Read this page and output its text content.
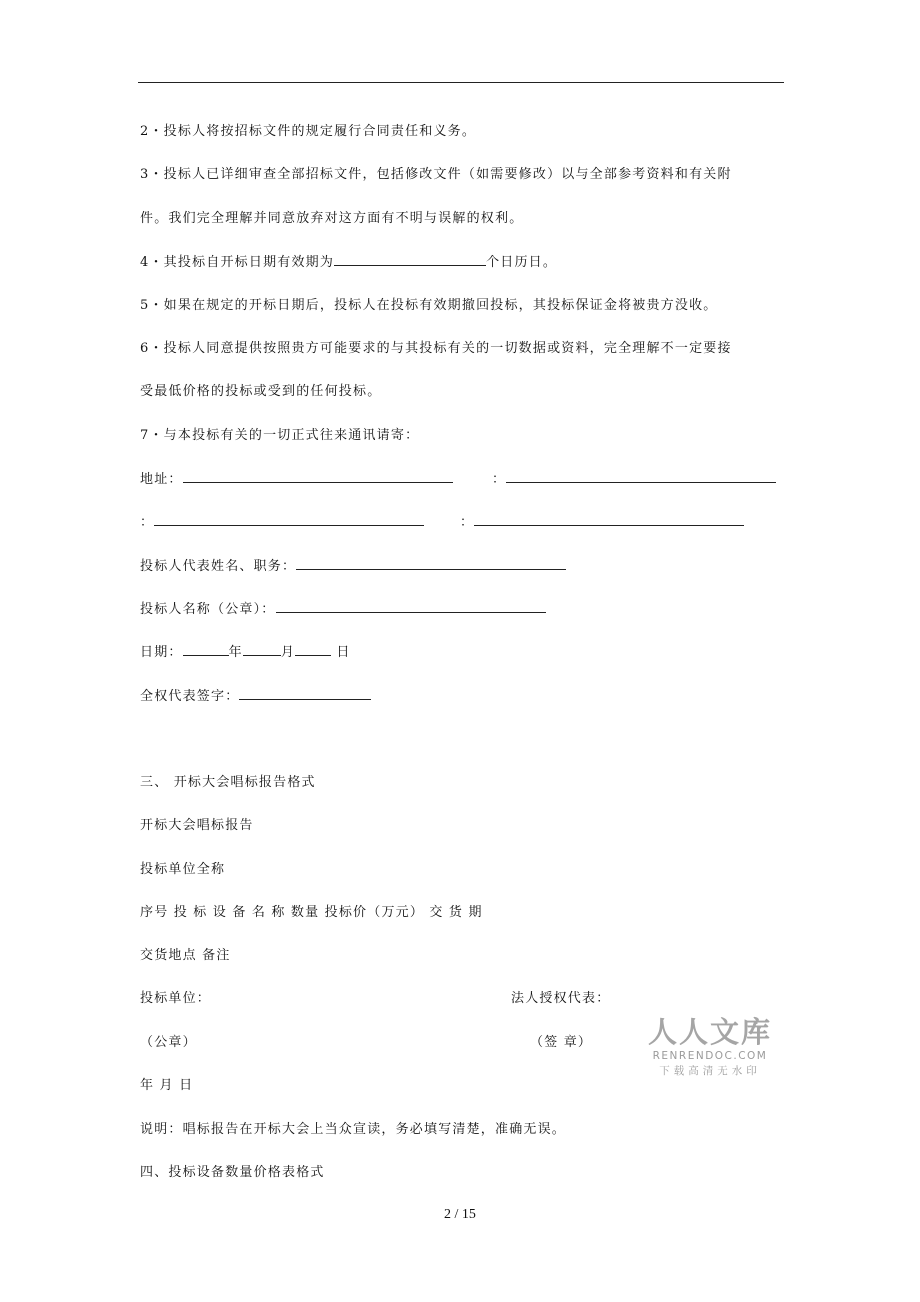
2・投标人将按招标文件的规定履行合同责任和义务。
3・投标人已详细审查全部招标文件，包括修改文件（如需要修改）以与全部参考资料和有关附
件。我们完全理解并同意放弃对这方面有不明与误解的权利。
4・其投标自开标日期有效期为	个日历日。
5・如果在规定的开标日期后，投标人在投标有效期撤回投标，其投标保证金将被贵方没收。
6・投标人同意提供按照贵方可能要求的与其投标有关的一切数据或资料，完全理解不一定要接
受最低价格的投标或受到的任何投标。
7・与本投标有关的一切正式往来通讯请寄：
地址：	：
：	：
投标人代表姓名、职务：
投标人名称（公章）：
日期：	年	月	日
全权代表签字：
三、 开标大会唱标报告格式
开标大会唱标报告
投标单位全称
序号 投 标 设 备 名 称 数量 投标价（万元） 交 货 期
交货地点 备注
投标单位：	法人授权代表：
（公章）	（签 章）
年 月 日
说明：唱标报告在开标大会上当众宣读，务必填写清楚，准确无误。
四、投标设备数量价格表格式
人人文库
RENRENDOC.COM
下载高清无水印
2 / 15
